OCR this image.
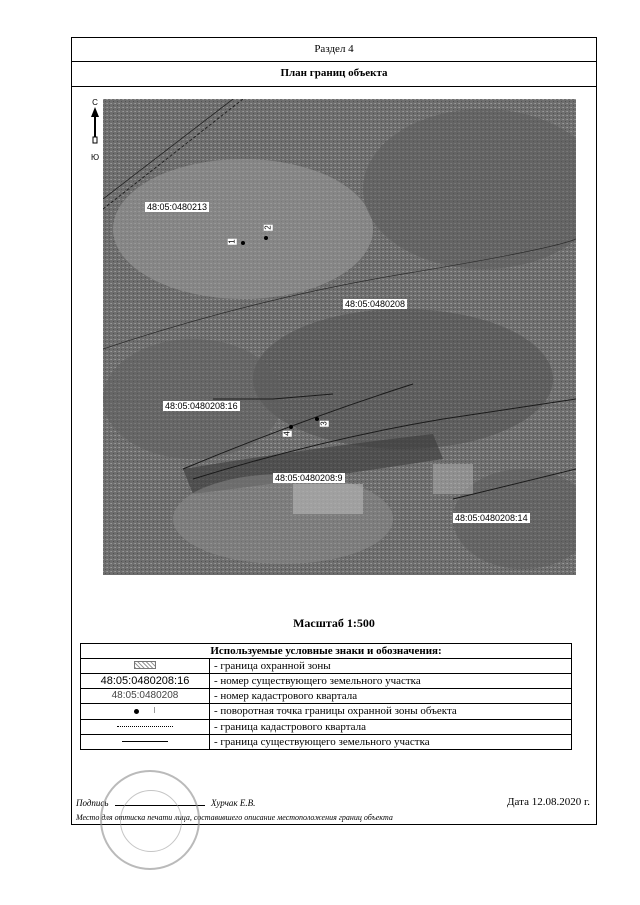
Раздел 4
План границ объекта
С
Ю
48:05:0480213
48:05:0480208
48:05:0480208:16
48:05:0480208:9
48:05:0480208:14
1
2
3
4
Масштаб 1:500
Используемые условные знаки и обозначения:	
	- граница охранной зоны
48:05:0480208:16	- номер существующего земельного участка
48:05:0480208	- номер кадастрового квартала
⁝	- поворотная точка границы охранной зоны объекта
	- граница кадастрового квартала
	- граница существующего земельного участка
Подпись	Хурчак Е.В.	Дата 12.08.2020 г.
Место для оттиска печати лица, составившего описание местоположения границ объекта
